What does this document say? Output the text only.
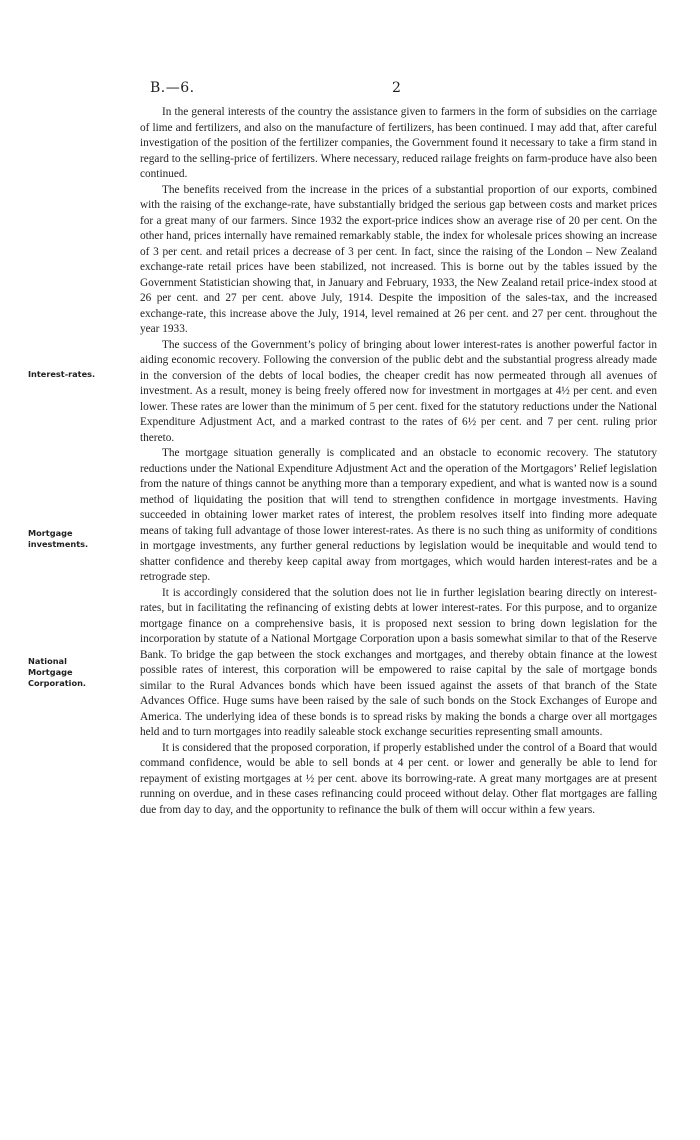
B.—6.	2
Interest-rates.
Mortgage
investments.
National
Mortgage
Corporation.

In the general interests of the country the assistance given to farmers in the form of subsidies on the carriage of lime and fertilizers, and also on the manufacture of fertilizers, has been continued. I may add that, after careful investigation of the position of the fertilizer companies, the Government found it necessary to take a firm stand in regard to the selling-price of fertilizers. Where necessary, reduced railage freights on farm-produce have also been continued.

The benefits received from the increase in the prices of a substantial proportion of our exports, combined with the raising of the exchange-rate, have substantially bridged the serious gap between costs and market prices for a great many of our farmers. Since 1932 the export-price indices show an average rise of 20 per cent. On the other hand, prices internally have remained remarkably stable, the index for wholesale prices showing an increase of 3 per cent. and retail prices a decrease of 3 per cent. In fact, since the raising of the London – New Zealand exchange-rate retail prices have been stabilized, not increased. This is borne out by the tables issued by the Government Statistician showing that, in January and February, 1933, the New Zealand retail price-index stood at 26 per cent. and 27 per cent. above July, 1914. Despite the imposition of the sales-tax, and the increased exchange-rate, this increase above the July, 1914, level remained at 26 per cent. and 27 per cent. throughout the year 1933.

The success of the Government’s policy of bringing about lower interest-rates is another powerful factor in aiding economic recovery. Following the conversion of the public debt and the substantial progress already made in the conversion of the debts of local bodies, the cheaper credit has now permeated through all avenues of investment. As a result, money is being freely offered now for investment in mortgages at 4½ per cent. and even lower. These rates are lower than the minimum of 5 per cent. fixed for the statutory reductions under the National Expenditure Adjustment Act, and a marked contrast to the rates of 6½ per cent. and 7 per cent. ruling prior thereto.

The mortgage situation generally is complicated and an obstacle to economic recovery. The statutory reductions under the National Expenditure Adjustment Act and the operation of the Mortgagors’ Relief legislation from the nature of things cannot be anything more than a temporary expedient, and what is wanted now is a sound method of liquidating the position that will tend to strengthen confidence in mortgage investments. Having succeeded in obtaining lower market rates of interest, the problem resolves itself into finding more adequate means of taking full advantage of those lower interest-rates. As there is no such thing as uniformity of conditions in mortgage investments, any further general reductions by legislation would be inequitable and would tend to shatter confidence and thereby keep capital away from mortgages, which would harden interest-rates and be a retrograde step.

It is accordingly considered that the solution does not lie in further legislation bearing directly on interest-rates, but in facilitating the refinancing of existing debts at lower interest-rates. For this purpose, and to organize mortgage finance on a comprehensive basis, it is proposed next session to bring down legislation for the incorporation by statute of a National Mortgage Corporation upon a basis somewhat similar to that of the Reserve Bank. To bridge the gap between the stock exchanges and mortgages, and thereby obtain finance at the lowest possible rates of interest, this corporation will be empowered to raise capital by the sale of mortgage bonds similar to the Rural Advances bonds which have been issued against the assets of that branch of the State Advances Office. Huge sums have been raised by the sale of such bonds on the Stock Exchanges of Europe and America. The underlying idea of these bonds is to spread risks by making the bonds a charge over all mortgages held and to turn mortgages into readily saleable stock exchange securities representing small amounts.

It is considered that the proposed corporation, if properly established under the control of a Board that would command confidence, would be able to sell bonds at 4 per cent. or lower and generally be able to lend for repayment of existing mortgages at ½ per cent. above its borrowing-rate. A great many mortgages are at present running on overdue, and in these cases refinancing could proceed without delay. Other flat mortgages are falling due from day to day, and the opportunity to refinance the bulk of them will occur within a few years.
